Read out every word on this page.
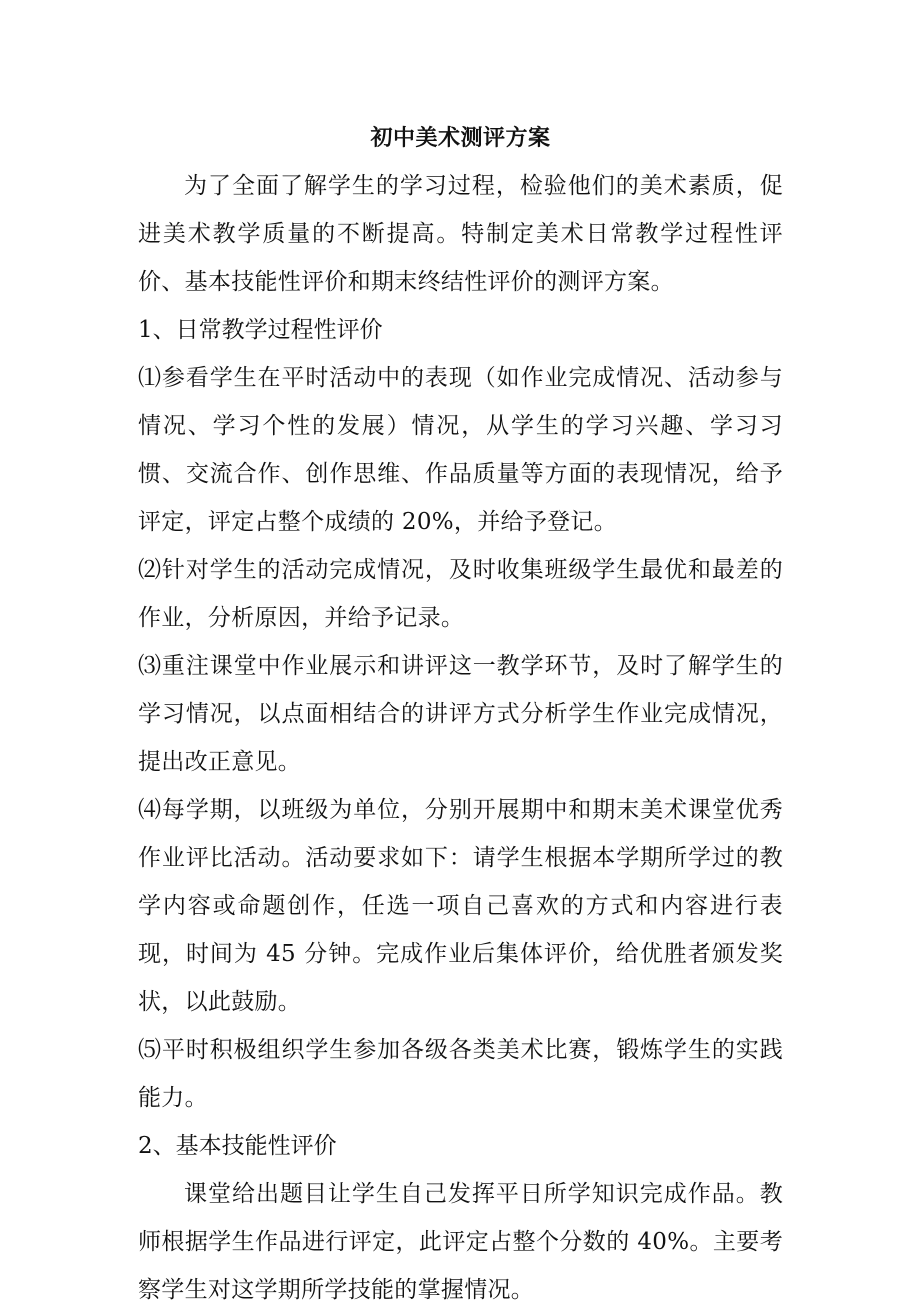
初中美术测评方案

为了全面了解学生的学习过程，检验他们的美术素质，促进美术教学质量的不断提高。特制定美术日常教学过程性评价、基本技能性评价和期末终结性评价的测评方案。

1、日常教学过程性评价

⑴参看学生在平时活动中的表现（如作业完成情况、活动参与情况、学习个性的发展）情况，从学生的学习兴趣、学习习惯、交流合作、创作思维、作品质量等方面的表现情况，给予评定，评定占整个成绩的 20%，并给予登记。

⑵针对学生的活动完成情况，及时收集班级学生最优和最差的作业，分析原因，并给予记录。

⑶重注课堂中作业展示和讲评这一教学环节，及时了解学生的学习情况，以点面相结合的讲评方式分析学生作业完成情况，提出改正意见。

⑷每学期，以班级为单位，分别开展期中和期末美术课堂优秀作业评比活动。活动要求如下：请学生根据本学期所学过的教学内容或命题创作，任选一项自己喜欢的方式和内容进行表现，时间为 45 分钟。完成作业后集体评价，给优胜者颁发奖状，以此鼓励。

⑸平时积极组织学生参加各级各类美术比赛，锻炼学生的实践能力。

2、基本技能性评价

课堂给出题目让学生自己发挥平日所学知识完成作品。教师根据学生作品进行评定，此评定占整个分数的 40%。主要考察学生对这学期所学技能的掌握情况。
